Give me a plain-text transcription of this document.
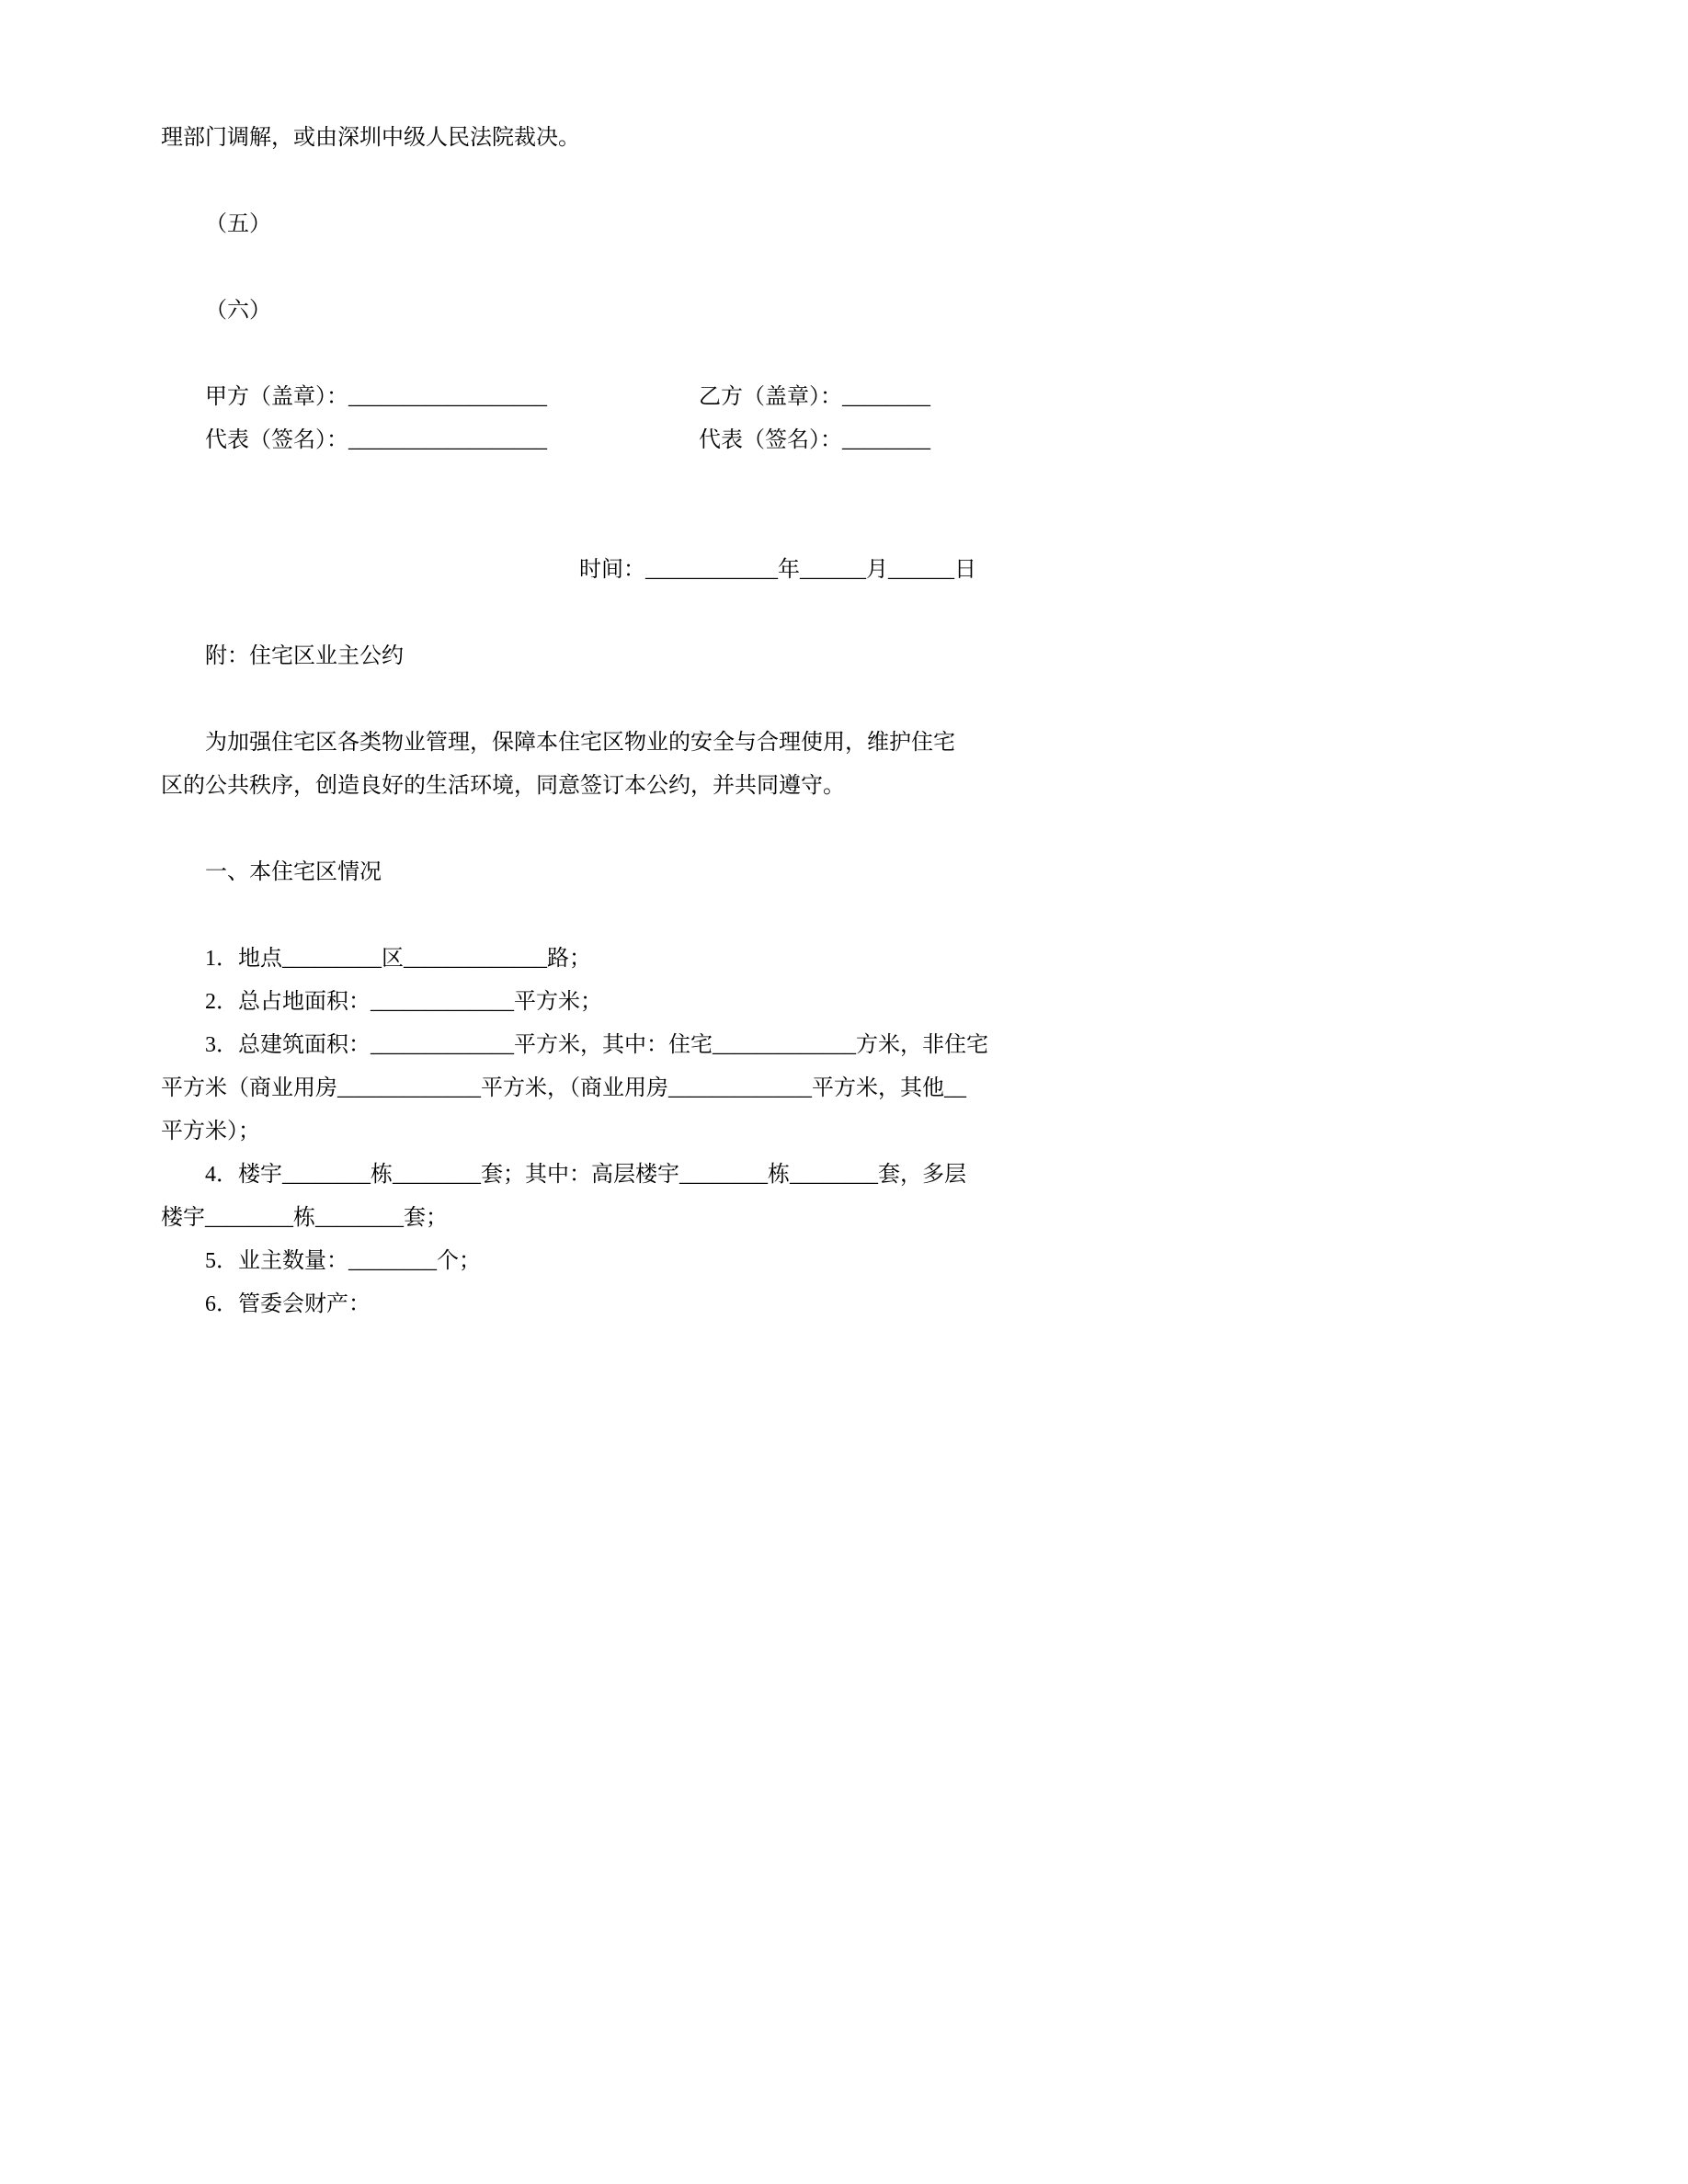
理部门调解，或由深圳中级人民法院裁决。

（五）

（六）

甲方（盖章）：__________________	乙方（盖章）：________

代表（签名）：__________________	代表（签名）：________

时间：____________年______月______日

附：住宅区业主公约

为加强住宅区各类物业管理，保障本住宅区物业的安全与合理使用，维护住宅

区的公共秩序，创造良好的生活环境，同意签订本公约，并共同遵守。

一、本住宅区情况

1．地点_________区_____________路；

2．总占地面积：_____________平方米；

3．总建筑面积：_____________平方米，其中：住宅_____________方米，非住宅

平方米（商业用房_____________平方米，（商业用房_____________平方米，其他__

平方米）；

4．楼宇________栋________套；其中：高层楼宇________栋________套，多层

楼宇________栋________套；

5．业主数量：________个；

6．管委会财产：
